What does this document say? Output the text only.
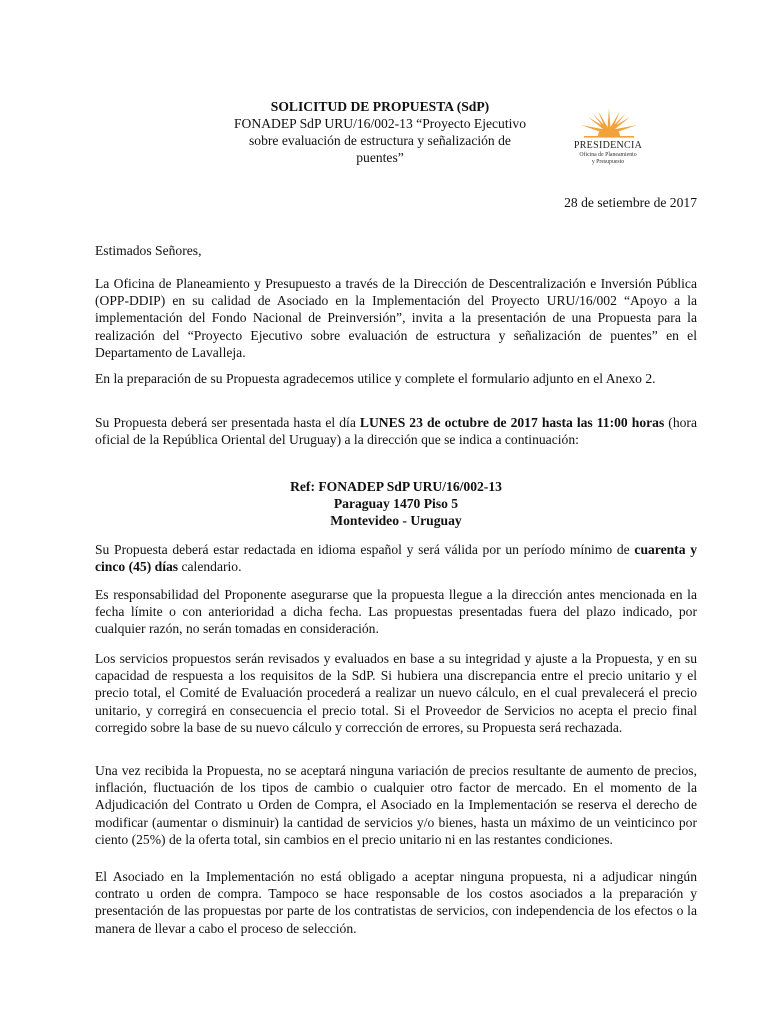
SOLICITUD DE PROPUESTA (SdP)
FONADEP SdP URU/16/002-13 “Proyecto Ejecutivo
sobre evaluación de estructura y señalización de
puentes”
PRESIDENCIA
Oficina de Planeamiento
y Presupuesto
28 de setiembre de 2017

Estimados Señores,

La Oficina de Planeamiento y Presupuesto a través de la Dirección de Descentralización e Inversión Pública (OPP-DDIP) en su calidad de Asociado en la Implementación del Proyecto URU/16/002 “Apoyo a la implementación del Fondo Nacional de Preinversión”, invita a la presentación de una Propuesta para la realización del “Proyecto Ejecutivo sobre evaluación de estructura y señalización de puentes” en el Departamento de Lavalleja.

En la preparación de su Propuesta agradecemos utilice y complete el formulario adjunto en el Anexo 2.

Su Propuesta deberá ser presentada hasta el día LUNES 23 de octubre de 2017 hasta las 11:00 horas (hora oficial de la República Oriental del Uruguay) a la dirección que se indica a continuación:

Ref: FONADEP SdP URU/16/002-13
Paraguay 1470 Piso 5
Montevideo - Uruguay

Su Propuesta deberá estar redactada en idioma español y será válida por un período mínimo de cuarenta y cinco (45) días calendario.

Es responsabilidad del Proponente asegurarse que la propuesta llegue a la dirección antes mencionada en la fecha límite o con anterioridad a dicha fecha. Las propuestas presentadas fuera del plazo indicado, por cualquier razón, no serán tomadas en consideración.

Los servicios propuestos serán revisados y evaluados en base a su integridad y ajuste a la Propuesta, y en su capacidad de respuesta a los requisitos de la SdP. Si hubiera una discrepancia entre el precio unitario y el precio total, el Comité de Evaluación procederá a realizar un nuevo cálculo, en el cual prevalecerá el precio unitario, y corregirá en consecuencia el precio total. Si el Proveedor de Servicios no acepta el precio final corregido sobre la base de su nuevo cálculo y corrección de errores, su Propuesta será rechazada.

Una vez recibida la Propuesta, no se aceptará ninguna variación de precios resultante de aumento de precios, inflación, fluctuación de los tipos de cambio o cualquier otro factor de mercado. En el momento de la Adjudicación del Contrato u Orden de Compra, el Asociado en la Implementación se reserva el derecho de modificar (aumentar o disminuir) la cantidad de servicios y/o bienes, hasta un máximo de un veinticinco por ciento (25%) de la oferta total, sin cambios en el precio unitario ni en las restantes condiciones.

El Asociado en la Implementación no está obligado a aceptar ninguna propuesta, ni a adjudicar ningún contrato u orden de compra. Tampoco se hace responsable de los costos asociados a la preparación y presentación de las propuestas por parte de los contratistas de servicios, con independencia de los efectos o la manera de llevar a cabo el proceso de selección.
